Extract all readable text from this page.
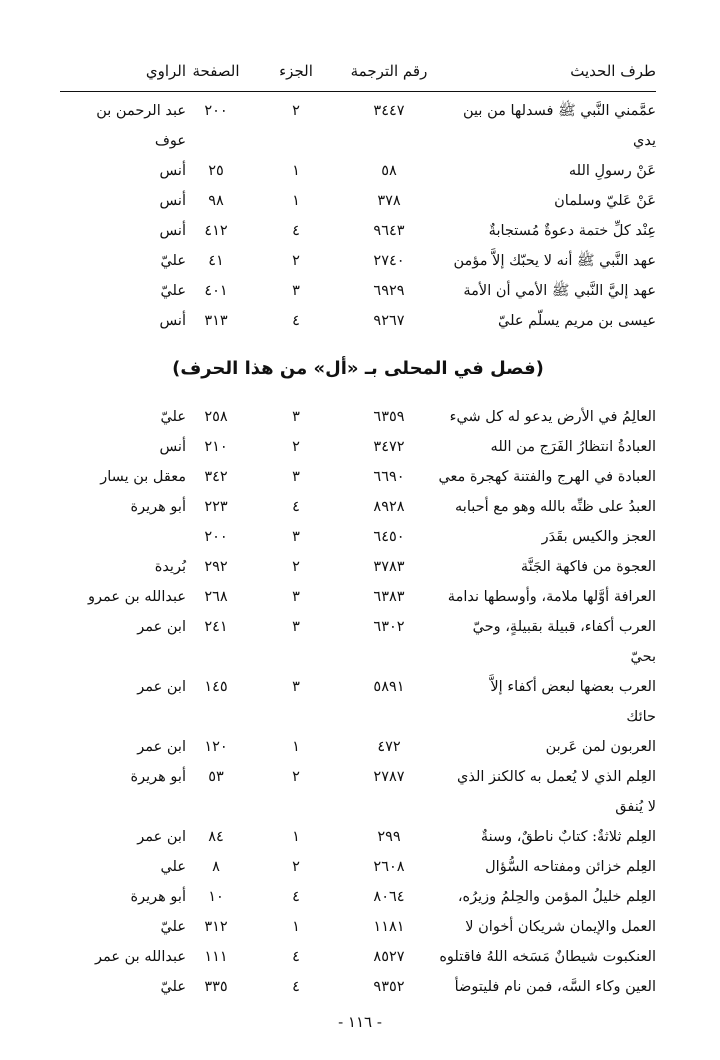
طرف الحديث
رقم الترجمة
الجزء
الصفحة
الراوي
عمَّمني النَّبي ﷺ فسدلها من بين
٣٤٤٧
٢
٢٠٠
عبد الرحمن بن
يدي
عوف
عَنْ رسولِ الله
٥٨
١
٢٥
أنس
عَنْ عَليّ وسلمان
٣٧٨
١
٩٨
أنس
عِنْد كلِّ ختمة دعوةٌ مُستجابةٌ
٩٦٤٣
٤
٤١٢
أنس
عهد النَّبي ﷺ أنه لا يحبّك إلاَّ مؤمن
٢٧٤٠
٢
٤١
عليّ
عهد إليَّ النَّبي ﷺ الأمي أن الأمة
٦٩٢٩
٣
٤٠١
عليّ
عيسى بن مريم يسلّم عليّ
٩٢٦٧
٤
٣١٣
أنس
(فصل في المحلى بـ «أل» من هذا الحرف)
العالِمُ في الأرض يدعو له كل شيء
٦٣٥٩
٣
٢٥٨
عليّ
العبادةُ انتظارُ الفَرَج من الله
٣٤٧٢
٢
٢١٠
أنس
العبادة في الهرج والفتنة كهجرة معي
٦٦٩٠
٣
٣٤٢
معقل بن يسار
العبدُ على ظنِّه بالله وهو مع أحبابه
٨٩٢٨
٤
٢٢٣
أبو هريرة
العجز والكيس بقَدَر
٦٤٥٠
٣
٢٠٠
العجوة من فاكهة الجَنَّة
٣٧٨٣
٢
٢٩٢
بُريدة
العرافة أوَّلها ملامة، وأوسطها ندامة
٦٣٨٣
٣
٢٦٨
عبدالله بن عمرو
العرب أكفاء، قبيلة بقبيلةٍ، وحيّ
٦٣٠٢
٣
٢٤١
ابن عمر
بحيّ
العرب بعضها لبعض أكفاء إلاَّ
٥٨٩١
٣
١٤٥
ابن عمر
حائك
العربون لمن عَربن
٤٧٢
١
١٢٠
ابن عمر
العِلم الذي لا يُعمل به كالكنز الذي
٢٧٨٧
٢
٥٣
أبو هريرة
لا يُنفق
العِلم ثلاثةٌ: كتابٌ ناطقٌ، وسنةٌ
٢٩٩
١
٨٤
ابن عمر
العِلم خزائن ومفتاحه السُّؤال
٢٦٠٨
٢
٨
علي
العِلم خليلُ المؤمن والحِلمُ وزيرُه،
٨٠٦٤
٤
١٠
أبو هريرة
العمل والإيمان شريكان أخوان لا
١١٨١
١
٣١٢
عليّ
العنكبوت شيطانٌ مَسَخه اللهُ فاقتلوه
٨٥٢٧
٤
١١١
عبدالله بن عمر
العين وكاء السَّه، فمن نام فليتوضأ
٩٣٥٢
٤
٣٣٥
عليّ
- ١١٦ -
